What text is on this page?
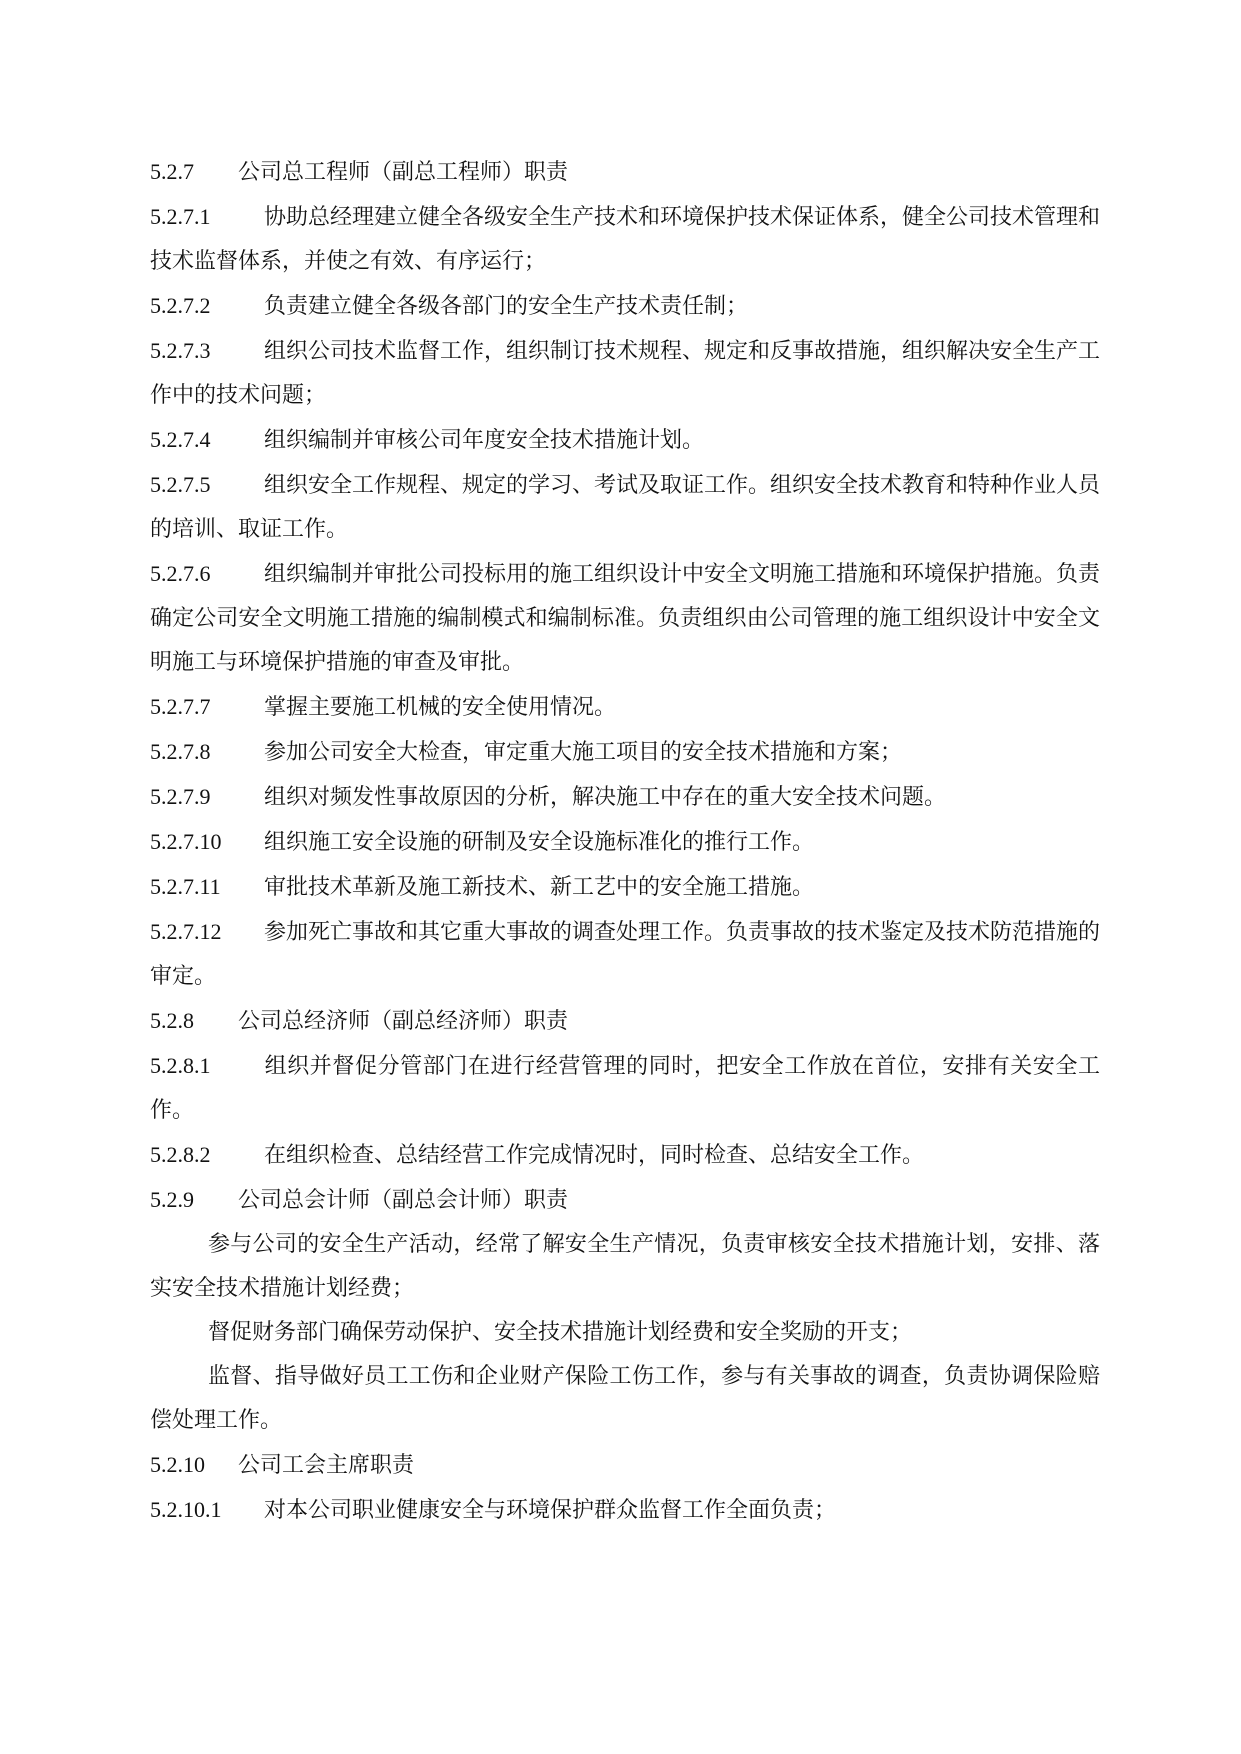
5.2.7 公司总工程师（副总工程师）职责

5.2.7.1 协助总经理建立健全各级安全生产技术和环境保护技术保证体系，健全公司技术管理和技术监督体系，并使之有效、有序运行；

5.2.7.2 负责建立健全各级各部门的安全生产技术责任制；

5.2.7.3 组织公司技术监督工作，组织制订技术规程、规定和反事故措施，组织解决安全生产工作中的技术问题；

5.2.7.4 组织编制并审核公司年度安全技术措施计划。

5.2.7.5 组织安全工作规程、规定的学习、考试及取证工作。组织安全技术教育和特种作业人员的培训、取证工作。

5.2.7.6 组织编制并审批公司投标用的施工组织设计中安全文明施工措施和环境保护措施。负责确定公司安全文明施工措施的编制模式和编制标准。负责组织由公司管理的施工组织设计中安全文明施工与环境保护措施的审查及审批。

5.2.7.7 掌握主要施工机械的安全使用情况。

5.2.7.8 参加公司安全大检查，审定重大施工项目的安全技术措施和方案；

5.2.7.9 组织对频发性事故原因的分析，解决施工中存在的重大安全技术问题。

5.2.7.10 组织施工安全设施的研制及安全设施标准化的推行工作。

5.2.7.11 审批技术革新及施工新技术、新工艺中的安全施工措施。

5.2.7.12 参加死亡事故和其它重大事故的调查处理工作。负责事故的技术鉴定及技术防范措施的审定。

5.2.8 公司总经济师（副总经济师）职责

5.2.8.1 组织并督促分管部门在进行经营管理的同时，把安全工作放在首位，安排有关安全工作。

5.2.8.2 在组织检查、总结经营工作完成情况时，同时检查、总结安全工作。

5.2.9 公司总会计师（副总会计师）职责

参与公司的安全生产活动，经常了解安全生产情况，负责审核安全技术措施计划，安排、落实安全技术措施计划经费；

督促财务部门确保劳动保护、安全技术措施计划经费和安全奖励的开支；

监督、指导做好员工工伤和企业财产保险工伤工作，参与有关事故的调查，负责协调保险赔偿处理工作。

5.2.10 公司工会主席职责

5.2.10.1 对本公司职业健康安全与环境保护群众监督工作全面负责；
